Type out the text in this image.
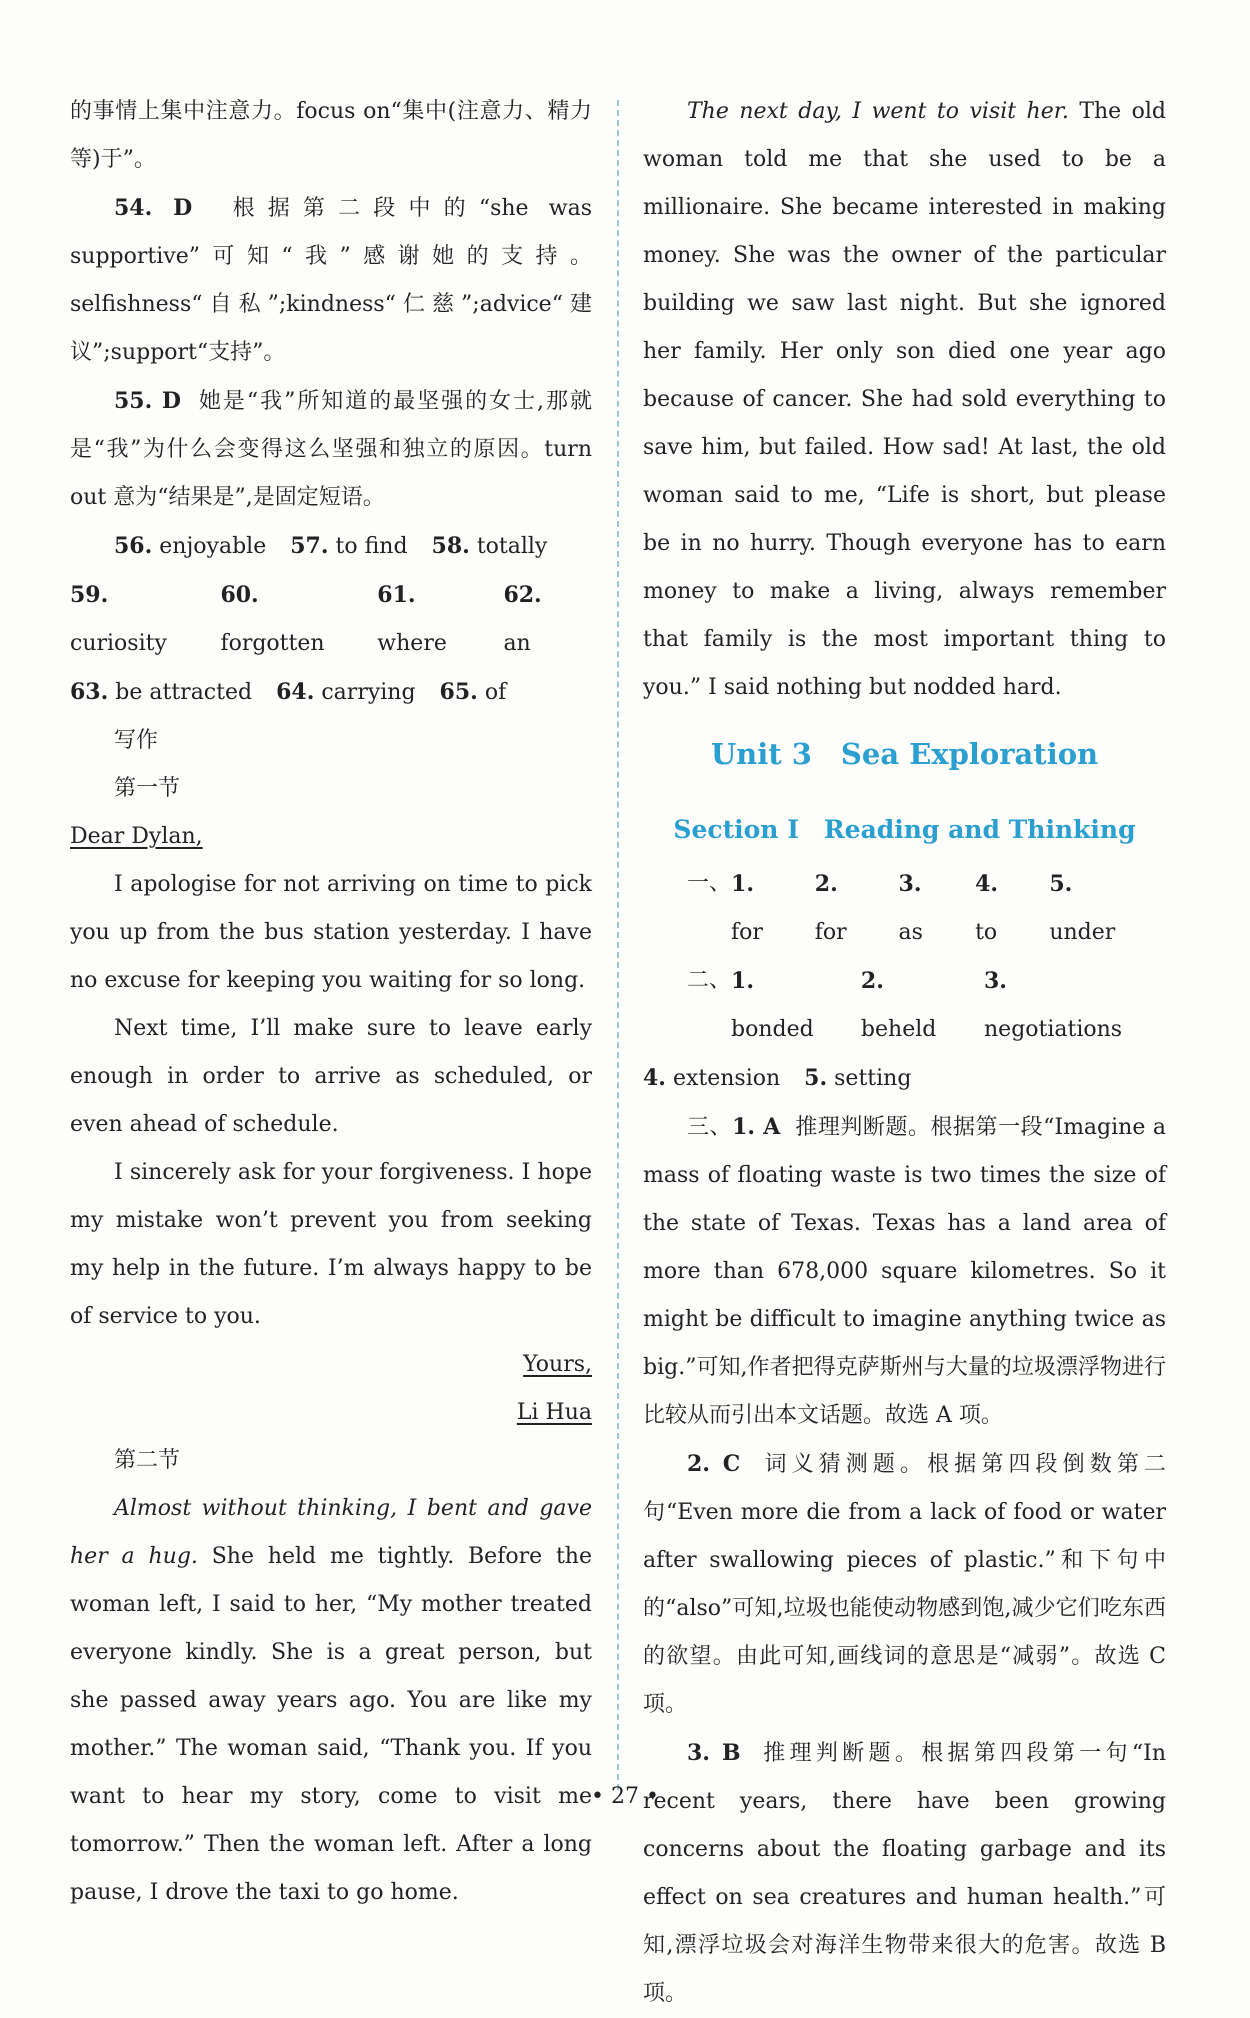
的事情上集中注意力。focus on“集中(注意力、精力等)于”。

54. D 根据第二段中的“she was supportive”可知“我”感谢她的支持。selfishness“自私”;kindness“仁慈”;advice“建议”;support“支持”。

55. D 她是“我”所知道的最坚强的女士,那就是“我”为什么会变得这么坚强和独立的原因。turn out 意为“结果是”,是固定短语。

56. enjoyable 57. to find 58. totally
59. curiosity
60. forgotten
61. where
62. an
63. be attracted 64. carrying 65. of

写作

第一节

Dear Dylan,

I apologise for not arriving on time to pick you up from the bus station yesterday. I have no excuse for keeping you waiting for so long.

Next time, I’ll make sure to leave early enough in order to arrive as scheduled, or even ahead of schedule.

I sincerely ask for your forgiveness. I hope my mistake won’t prevent you from seeking my help in the future. I’m always happy to be of service to you.

Yours,

Li Hua

第二节

Almost without thinking, I bent and gave her a hug. She held me tightly. Before the woman left, I said to her, “My mother treated everyone kindly. She is a great person, but she passed away years ago. You are like my mother.” The woman said, “Thank you. If you want to hear my story, come to visit me tomorrow.” Then the woman left. After a long pause, I drove the taxi to go home.

The next day, I went to visit her. The old woman told me that she used to be a millionaire. She became interested in making money. She was the owner of the particular building we saw last night. But she ignored her family. Her only son died one year ago because of cancer. She had sold everything to save him, but failed. How sad! At last, the old woman said to me, “Life is short, but please be in no hurry. Though everyone has to earn money to make a living, always remember that family is the most important thing to you.” I said nothing but nodded hard.

Unit 3　Sea Exploration
Section Ⅰ　Reading and Thinking
一、 1. for
2. for
3. as
4. to
5. under
二、 1. bonded
2. beheld
3. negotiations
4. extension 5. setting

三、1. A 推理判断题。根据第一段“Imagine a mass of floating waste is two times the size of the state of Texas. Texas has a land area of more than 678,000 square kilometres. So it might be difficult to imagine anything twice as big.”可知,作者把得克萨斯州与大量的垃圾漂浮物进行比较从而引出本文话题。故选 A 项。

2. C 词义猜测题。根据第四段倒数第二句“Even more die from a lack of food or water after swallowing pieces of plastic.”和下句中的“also”可知,垃圾也能使动物感到饱,减少它们吃东西的欲望。由此可知,画线词的意思是“减弱”。故选 C 项。

3. B 推理判断题。根据第四段第一句“In recent years, there have been growing concerns about the floating garbage and its effect on sea creatures and human health.”可知,漂浮垃圾会对海洋生物带来很大的危害。故选 B 项。

• 27 •
